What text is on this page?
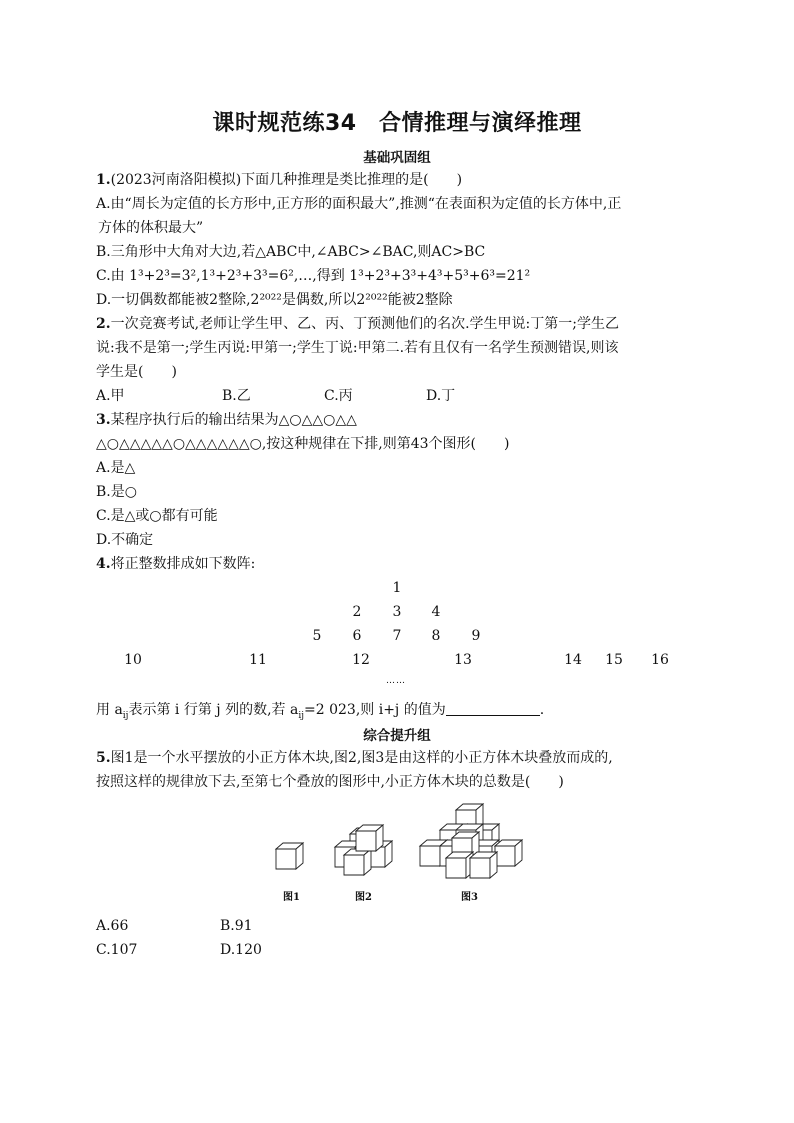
课时规范练34　合情推理与演绎推理
基础巩固组
1.(2023河南洛阳模拟)下面几种推理是类比推理的是(　　)
A.由“周长为定值的长方形中,正方形的面积最大”,推测“在表面积为定值的长方体中,正
方体的体积最大”
B.三角形中大角对大边,若△ABC中,∠ABC>∠BAC,则AC>BC
C.由 1³+2³=3²,1³+2³+3³=6²,…,得到 1³+2³+3³+4³+5³+6³=21²
D.一切偶数都能被2整除,2²⁰²²是偶数,所以2²⁰²²能被2整除
2.一次竞赛考试,老师让学生甲、乙、丙、丁预测他们的名次.学生甲说:丁第一;学生乙
说:我不是第一;学生丙说:甲第一;学生丁说:甲第二.若有且仅有一名学生预测错误,则该
学生是(　　)
A.甲	B.乙	C.丙	D.丁
3.某程序执行后的输出结果为△○△△○△△
△○△△△△△○△△△△△△○,按这种规律在下排,则第43个图形(　　)
A.是△
B.是○
C.是△或○都有可能
D.不确定
4.将正整数排成如下数阵:
1
2 3 4
5 6 7 8 9
10	11	12	13	14 15 16
……
用 $a_{ij}$表示第 i 行第 j 列的数,若 $a_{ij}=2$ 023,则 i+j 的值为	.
综合提升组
5.图1是一个水平摆放的小正方体木块,图2,图3是由这样的小正方体木块叠放而成的,
按照这样的规律放下去,至第七个叠放的图形中,小正方体木块的总数是(　　)
图1	图2	图3
A.66	B.91
C.107	D.120
